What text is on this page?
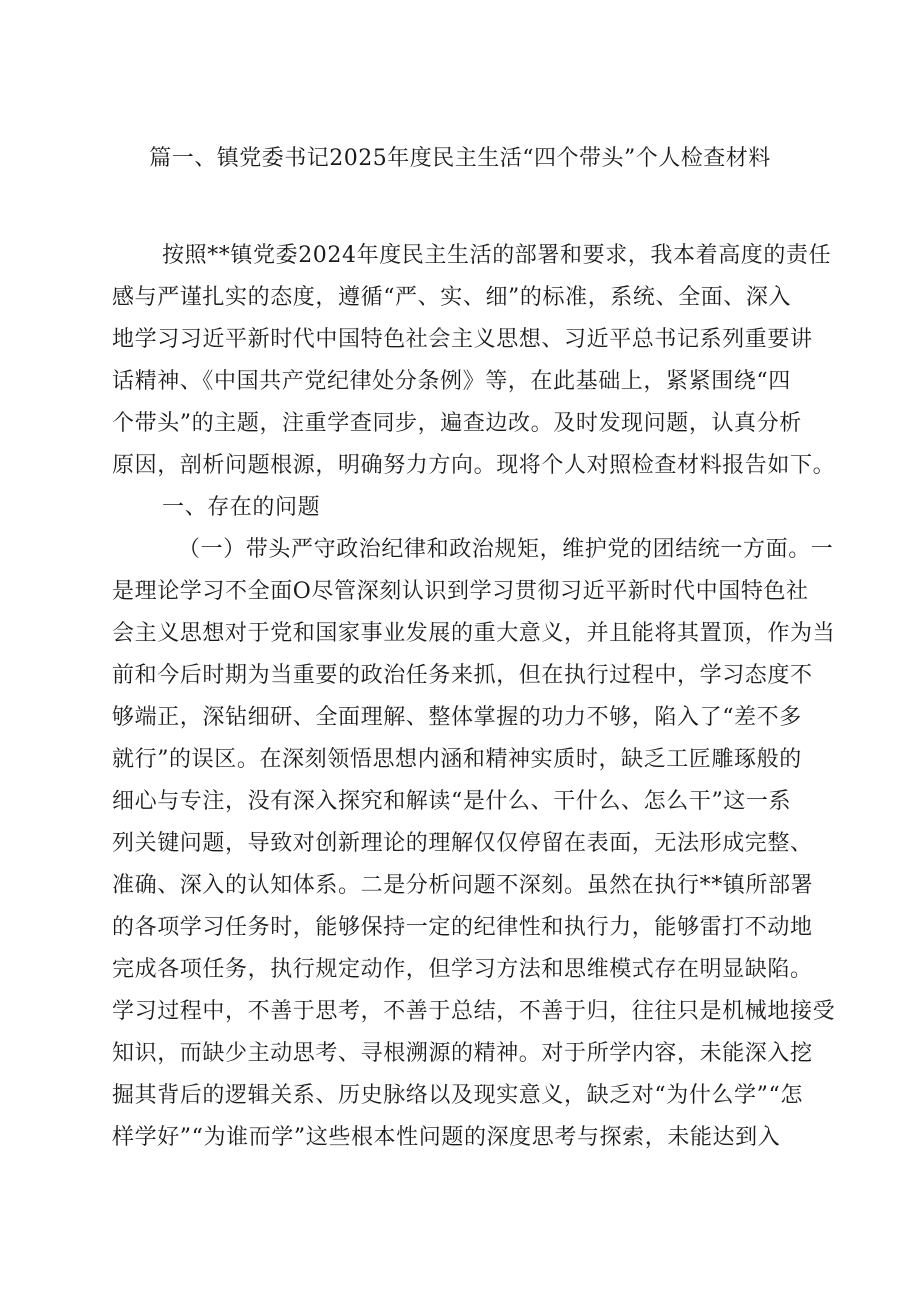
篇一、镇党委书记2025年度民主生活“四个带头”个人检查材料
按照**镇党委2024年度民主生活的部署和要求，我本着高度的责任
感与严谨扎实的态度，遵循“严、实、细”的标准，系统、全面、深入
地学习习近平新时代中国特色社会主义思想、习近平总书记系列重要讲
话精神、《中国共产党纪律处分条例》等，在此基础上，紧紧围绕“四
个带头”的主题，注重学查同步，遍查边改。及时发现问题，认真分析
原因，剖析问题根源，明确努力方向。现将个人对照检查材料报告如下。
一、存在的问题
（一）带头严守政治纪律和政治规矩，维护党的团结统一方面。一
是理论学习不全面O尽管深刻认识到学习贯彻习近平新时代中国特色社
会主义思想对于党和国家事业发展的重大意义，并且能将其置顶，作为当
前和今后时期为当重要的政治任务来抓，但在执行过程中，学习态度不
够端正，深钻细研、全面理解、整体掌握的功力不够，陷入了“差不多
就行”的误区。在深刻领悟思想内涵和精神实质时，缺乏工匠雕琢般的
细心与专注，没有深入探究和解读“是什么、干什么、怎么干”这一系
列关键问题，导致对创新理论的理解仅仅停留在表面，无法形成完整、
准确、深入的认知体系。二是分析问题不深刻。虽然在执行**镇所部署
的各项学习任务时，能够保持一定的纪律性和执行力，能够雷打不动地
完成各项任务，执行规定动作，但学习方法和思维模式存在明显缺陷。
学习过程中，不善于思考，不善于总结，不善于归，往往只是机械地接受
知识，而缺少主动思考、寻根溯源的精神。对于所学内容，未能深入挖
掘其背后的逻辑关系、历史脉络以及现实意义，缺乏对“为什么学”“怎
样学好”“为谁而学”这些根本性问题的深度思考与探索，未能达到入
